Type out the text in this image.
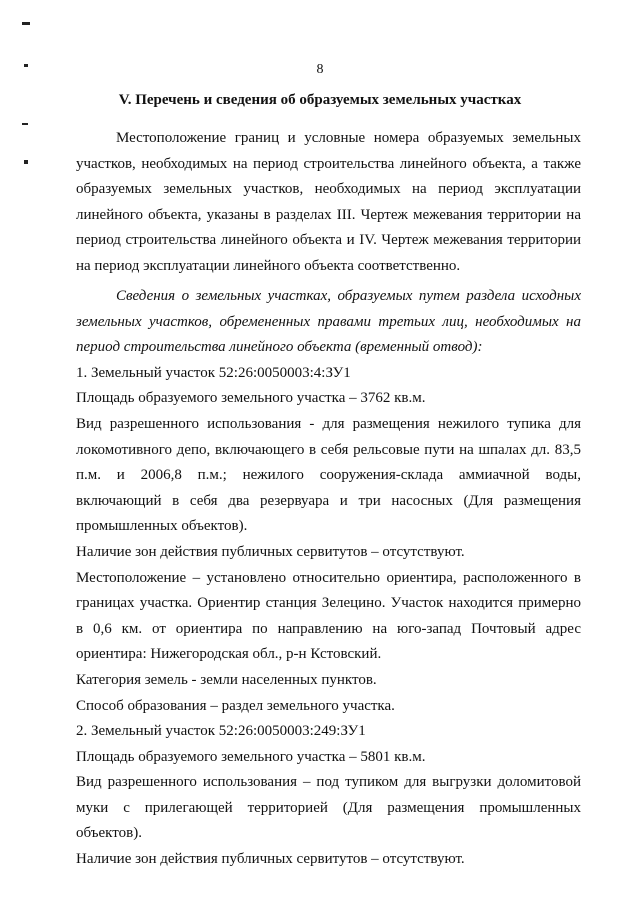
8
V. Перечень и сведения об образуемых земельных участках

Местоположение границ и условные номера образуемых земельных участков, необходимых на период строительства линейного объекта, а также образуемых земельных участков, необходимых на период эксплуатации линейного объекта, указаны в разделах III. Чертеж межевания территории на период строительства линейного объекта и IV. Чертеж межевания территории на период эксплуатации линейного объекта соответственно.

Сведения о земельных участках, образуемых путем раздела исходных земельных участков, обремененных правами третьих лиц, необходимых на период строительства линейного объекта (временный отвод):

1. Земельный участок 52:26:0050003:4:ЗУ1

Площадь образуемого земельного участка – 3762 кв.м.

Вид разрешенного использования - для размещения нежилого тупика для локомотивного депо, включающего в себя рельсовые пути на шпалах дл. 83,5 п.м. и 2006,8 п.м.; нежилого сооружения-склада аммиачной воды, включающий в себя два резервуара и три насосных (Для размещения промышленных объектов).

Наличие зон действия публичных сервитутов – отсутствуют.

Местоположение – установлено относительно ориентира, расположенного в границах участка. Ориентир станция Зелецино. Участок находится примерно в 0,6 км. от ориентира по направлению на юго-запад Почтовый адрес ориентира: Нижегородская обл., р-н Кстовский.

Категория земель - земли населенных пунктов.

Способ образования – раздел земельного участка.

2. Земельный участок 52:26:0050003:249:ЗУ1

Площадь образуемого земельного участка – 5801 кв.м.

Вид разрешенного использования – под тупиком для выгрузки доломитовой муки с прилегающей территорией (Для размещения промышленных объектов).

Наличие зон действия публичных сервитутов – отсутствуют.
